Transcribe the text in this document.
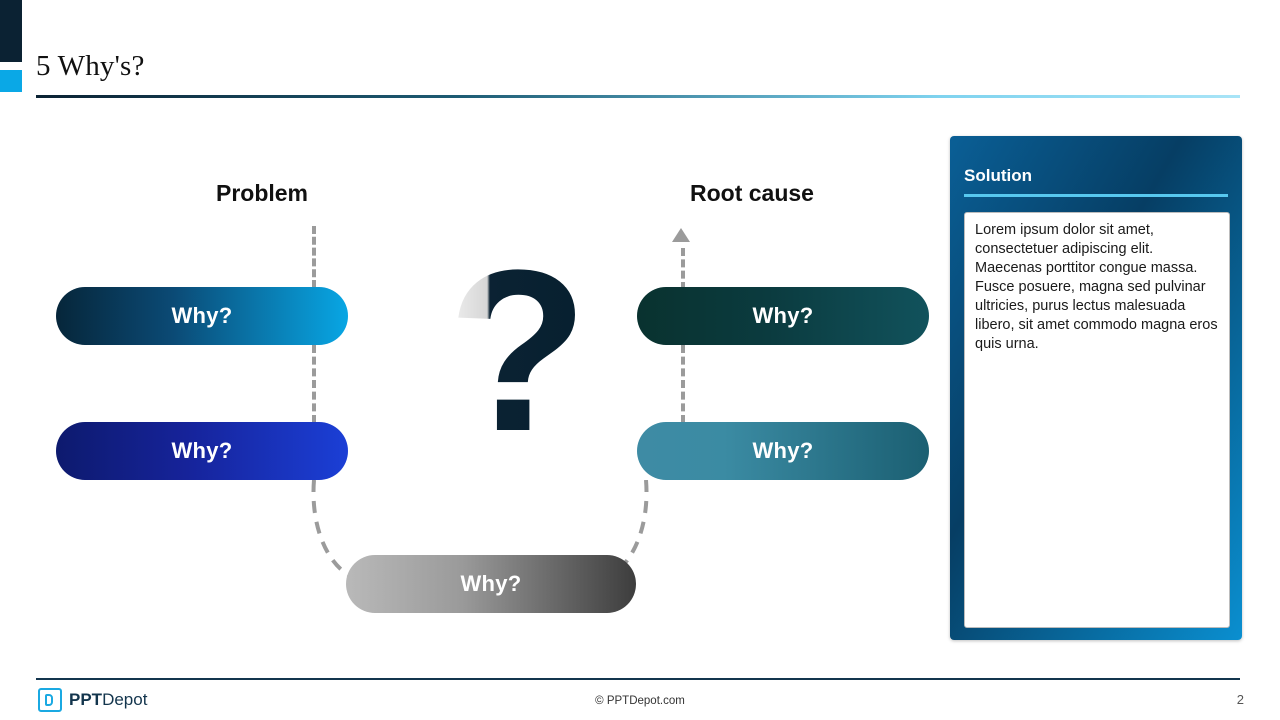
5 Why's?
Problem	Root cause
?
Why?
Why?
Why?
Why?
Why?
Solution
Lorem ipsum dolor sit amet, consectetuer adipiscing elit. Maecenas porttitor congue massa. Fusce posuere, magna sed pulvinar ultricies, purus lectus malesuada libero, sit amet commodo magna eros quis urna.
PPTDepot	© PPTDepot.com	2
